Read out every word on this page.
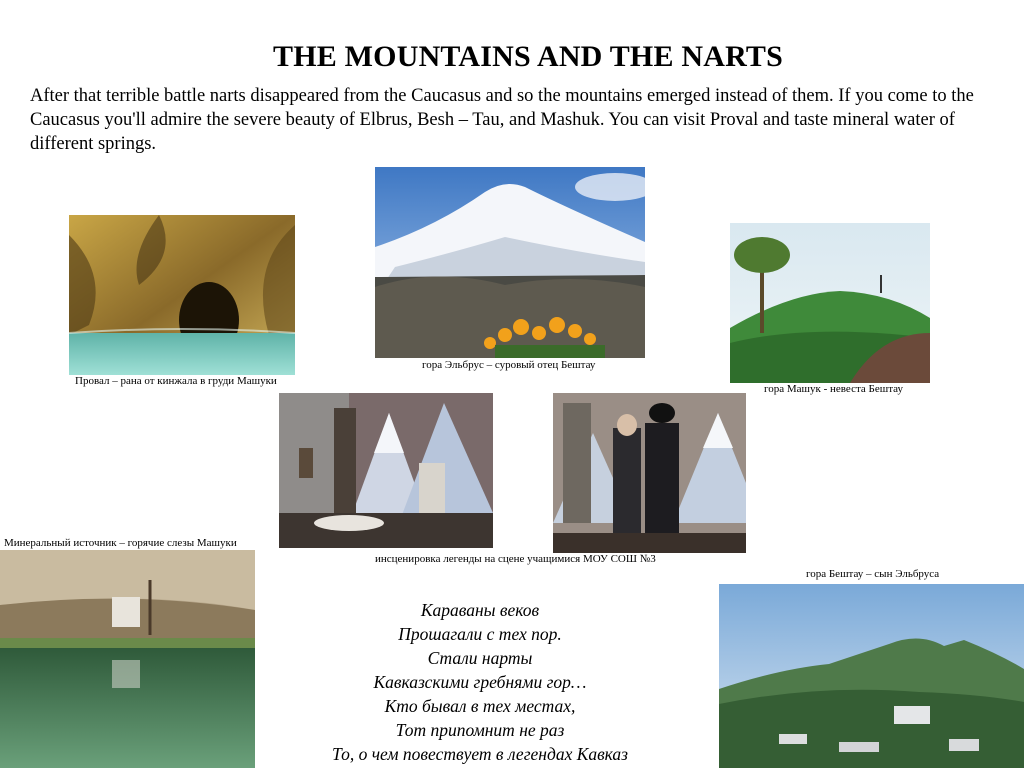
THE MOUNTAINS AND THE NARTS
After that terrible battle narts disappeared from the Caucasus and so the mountains emerged instead of them. If you come to the Caucasus you'll admire the severe beauty of Elbrus, Besh – Tau, and Mashuk. You can visit Proval and taste mineral water of different springs.
Провал – рана от кинжала в груди Машуки
гора Эльбрус – суровый отец Бештау
гора Машук - невеста Бештау
инсценировка легенды на сцене учащимися МОУ СОШ №3
Минеральный источник – горячие слезы Машуки
гора Бештау – сын Эльбруса
Караваны веков
Прошагали с тех пор.
Стали нарты
Кавказскими гребнями гор…
Кто бывал в тех местах,
Тот припомнит не раз
То, о чем повествует в легендах Кавказ
